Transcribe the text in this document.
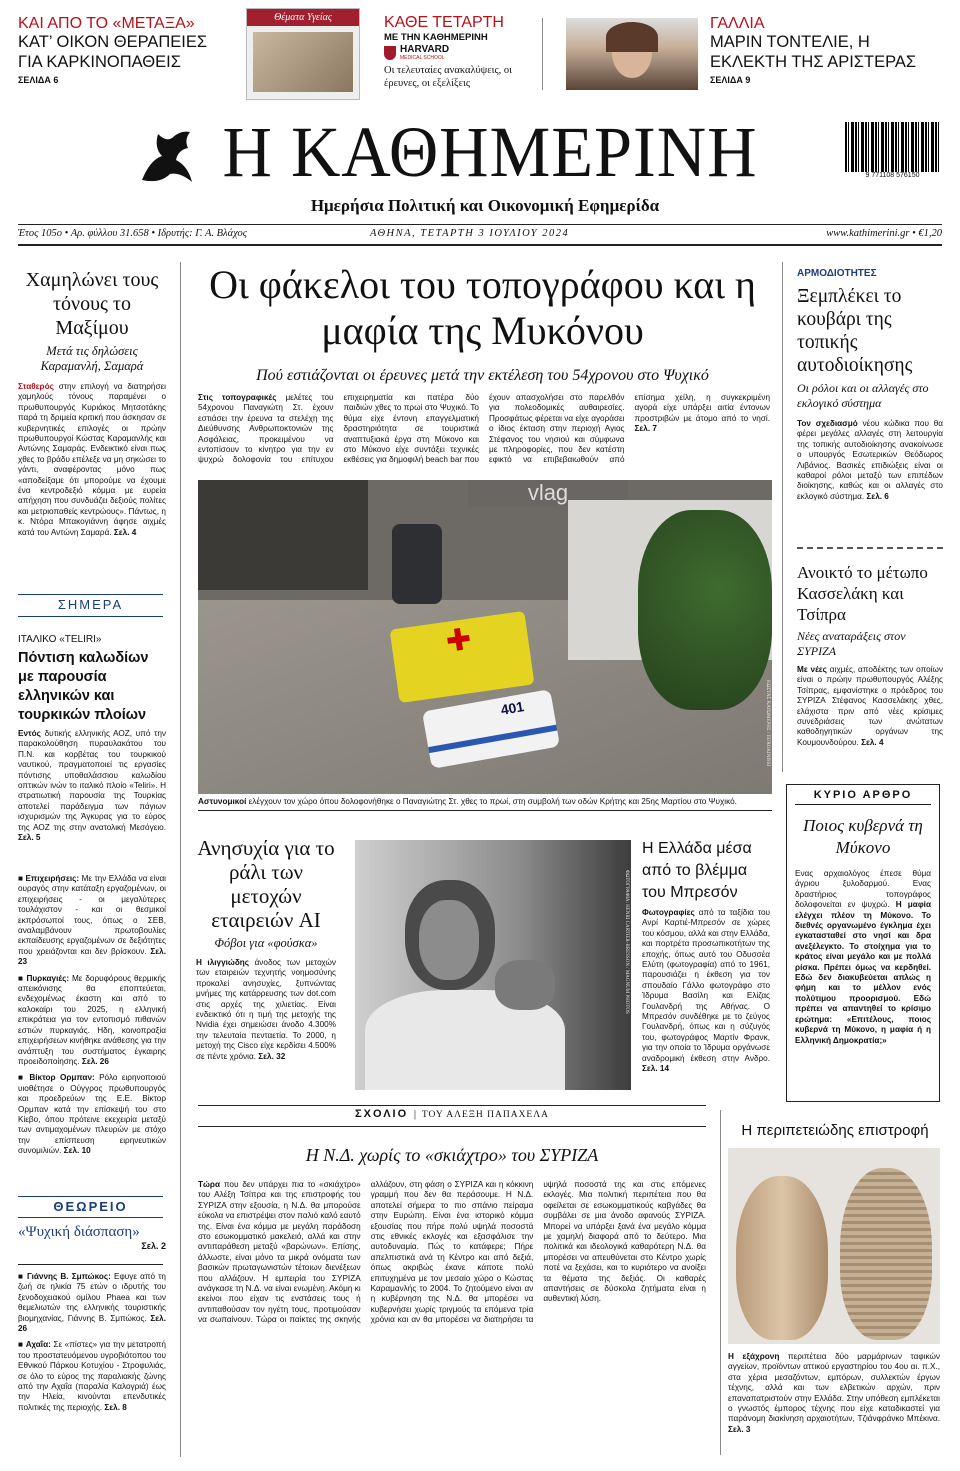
ΚΑΙ ΑΠΟ ΤΟ «ΜΕΤΑΞΑ»
ΚΑΤ’ ΟΙΚΟΝ ΘΕΡΑΠΕΙΕΣ ΓΙΑ ΚΑΡΚΙΝΟΠΑΘΕΙΣ
ΣΕΛΙΔΑ 6
Θέματα Υγείας	ΚΑΘΕ ΤΕΤΑΡΤΗ
ΜΕ ΤΗΝ ΚΑΘΗΜΕΡΙΝΗ
HARVARD
MEDICAL SCHOOL
Οι τελευταίες ανακαλύψεις, οι έρευνες, οι εξελίξεις
ΓΑΛΛΙΑ
ΜΑΡΙΝ ΤΟΝΤΕΛΙΕ, Η ΕΚΛΕΚΤΗ ΤΗΣ ΑΡΙΣΤΕΡΑΣ
ΣΕΛΙΔΑ 9
Η ΚΑΘΗΜΕΡΙΝΗ
Ημερήσια Πολιτική και Οικονομική Εφημερίδα
9 771108 576150
Έτος 105ο • Αρ. φύλλου 31.658 • Ιδρυτής: Γ. Α. Βλάχος	ΑΘΗΝΑ, ΤΕΤΑΡΤΗ 3 ΙΟΥΛΙΟΥ 2024	www.kathimerini.gr • €1,20
Χαμηλώνει τους τόνους το Μαξίμου
Μετά τις δηλώσεις Καραμανλή, Σαμαρά
Σταθερός στην επιλογή να διατηρήσει χαμηλούς τόνους παραμένει ο πρωθυπουργός Κυριάκος Μητσοτάκης παρά τη δριμεία κριτική που άσκησαν σε κυβερνητικές επιλογές οι πρώην πρωθυπουργοί Κώστας Καραμανλής και Αντώνης Σαμαράς. Ενδεικτικό είναι πως χθες το βράδυ επέλεξε να μη σηκώσει το γάντι, αναφέροντας μόνο πως «αποδείξαμε ότι μπορούμε να έχουμε ένα κεντροδεξιό κόμμα με ευρεία απήχηση που συνδυάζει δεξιούς πολίτες και μετριοπαθείς κεντρώους». Πάντως, η κ. Ντόρα Μπακογιάννη άφησε αιχμές κατά του Αντώνη Σαμαρά. Σελ. 4
ΣΗΜΕΡΑ
ΙΤΑΛΙΚΟ «TELIRI»
Πόντιση καλωδίων με παρουσία ελληνικών και τουρκικών πλοίων
Εντός δυτικής ελληνικής ΑΟΖ, υπό την παρακολούθηση πυραυλακάτου του Π.Ν. και κορβέτας του τουρκικού ναυτικού, πραγματοποιεί τις εργασίες πόντισης υποθαλάσσιου καλωδίου οπτικών ινών το ιταλικό πλοίο «Teliri». Η στρατιωτική παρουσία της Τουρκίας αποτελεί παράδειγμα των πάγιων ισχυρισμών της Άγκυρας για το εύρος της ΑΟΖ της στην ανατολική Μεσόγειο. Σελ. 5
■ Επιχειρήσεις: Με την Ελλάδα να είναι ουραγός στην κατάταξη εργαζομένων, οι επιχειρήσεις - οι μεγαλύτερες τουλάχιστον - και οι θεσμικοί εκπρόσωποί τους, όπως ο ΣΕΒ, αναλαμβάνουν πρωτοβουλίες εκπαίδευσης εργαζομένων σε δεξιότητες που χρειάζονται και δεν βρίσκουν. Σελ. 23
■ Πυρκαγιές: Με δορυφόρους θερμικής απεικόνισης θα εποπτεύεται, ενδεχομένως έκαστη και από το καλοκαίρι του 2025, η ελληνική επικράτεια για τον εντοπισμό πιθανών εστιών πυρκαγιάς. Ηδη, κοινοπραξία επιχειρήσεων κινήθηκε ανάθεσης για την ανάπτυξη του συστήματος έγκαιρης προειδοποίησης. Σελ. 26
■ Βίκτορ Ορμπαν: Ρόλο ειρηνοποιού υιοθέτησε ο Ούγγρος πρωθυπουργός και προεδρεύων της Ε.Ε. Βίκτορ Ορμπαν κατά την επίσκεψή του στο Κίεβο, όπου πρότεινε εκεχειρία μεταξύ των αντιμαχομένων πλευρών με στόχο την επίσπευση ειρηνευτικών συνομιλιών. Σελ. 10
ΘΕΩΡΕΙΟ
«Ψυχική διάσπαση»
Σελ. 2
■ Γιάννης Β. Σμπώκος: Εφυγε από τη ζωή σε ηλικία 75 ετών ο ιδρυτής του ξενοδοχειακού ομίλου Phaea και των θεμελιωτών της ελληνικής τουριστικής βιομηχανίας, Γιάννης Β. Σμπώκος. Σελ. 26
■ Αχαΐα: Σε «πίστες» για την μετατροπή του προστατευόμενου υγροβιότοπου του Εθνικού Πάρκου Κοτυχίου - Στροφυλιάς, σε όλο το εύρος της παραλιακής ζώνης από την Αχαΐα (παραλία Καλογριά) έως την Ηλεία, κινούνται επενδυτικές πολιτικές της περιοχής. Σελ. 8
Οι φάκελοι του τοπογράφου και η μαφία της Μυκόνου
Πού εστιάζονται οι έρευνες μετά την εκτέλεση του 54χρονου στο Ψυχικό
Στις τοπογραφικές μελέτες του 54χρονου Παναγιώτη Στ. έχουν εστιάσει την έρευνα τα στελέχη της Διεύθυνσης Ανθρωποκτονιών της Ασφάλειας, προκειμένου να εντοπίσουν το κίνητρο για την εν ψυχρώ δολοφονία του επίτυχου επιχειρηματία και πατέρα δύο παιδιών χθες το πρωί στο Ψυχικό. Το θύμα είχε έντονη επαγγελματική δραστηριότητα σε τουριστικά αναπτυξιακά έργα στη Μύκονο και στο Μύκονο είχε συντάξει τεχνικές εκθέσεις για δημοφιλή beach bar που έχουν απασχολήσει στο παρελθόν για πολεοδομικές αυθαιρεσίες. Προσφάτως φέρεται να είχε αγοράσει ο ίδιος έκταση στην περιοχή Αγιος Στέφανος του νησιού και σύμφωνα με πληροφορίες, που δεν κατέστη εφικτό να επιβεβαιωθούν από επίσημα χείλη, η συγκεκριμένη αγορά είχε υπάρξει αιτία έντονων προστριβών με άτομο από το νησί. Σελ. 7
vlag
401	ΚΩΣΤΑΣ ΚΑΤΩΜΕΡΗΣ / EUROKINISSI
Αστυνομικοί ελέγχουν τον χώρο όπου δολοφονήθηκε ο Παναγιώτης Στ. χθες το πρωί, στη συμβολή των οδών Κρήτης και 25ης Μαρτίου στο Ψυχικό.
Ανησυχία για το ράλι των μετοχών εταιρειών AI
Φόβοι για «φούσκα»
Η ιλιγγιώδης άνοδος των μετοχών των εταιρειών τεχνητής νοημοσύνης προκαλεί ανησυχίες, ξυπνώντας μνήμες της κατάρρευσης των dot.com στις αρχές της χιλιετίας. Είναι ενδεικτικό ότι η τιμή της μετοχής της Nvidia έχει σημειώσει άνοδο 4.300% την τελευταία πενταετία. Το 2000, η μετοχή της Cisco είχε κερδίσει 4.500% σε πέντε χρόνια. Σελ. 32
ΦΩΤΟΓΡΑΦΙΑ: HENRI CARTIER-BRESSON / MAGNUM PHOTOS
Η Ελλάδα μέσα από το βλέμμα του Μπρεσόν
Φωτογραφίες από τα ταξίδια του Ανρί Καρτιέ-Μπρεσόν σε χώρες του κόσμου, αλλά και στην Ελλάδα, και πορτρέτα προσωπικοτήτων της εποχής, όπως αυτό του Οδυσσέα Ελύτη (φωτογραφία) από το 1961, παρουσιάζει η έκθεση για τον σπουδαίο Γάλλο φωτογράφο στο Ίδρυμα Βασίλη και Ελίζας Γουλανδρή της Αθήνας. Ο Μπρεσόν συνδέθηκε με το ζεύγος Γουλανδρή, όπως και η σύζυγός του, φωτογράφος Μαρτίν Φρανκ, για την οποία το Ίδρυμα οργάνωσε αναδρομική έκθεση στην Ανδρο. Σελ. 14
ΣΧΟΛΙΟ | ΤΟΥ ΑΛΕΞΗ ΠΑΠΑΧΕΛΑ
Η Ν.Δ. χωρίς το «σκιάχτρο» του ΣΥΡΙΖΑ
Τώρα που δεν υπάρχει πια το «σκιάχτρο» του Αλέξη Τσίπρα και της επιστροφής του ΣΥΡΙΖΑ στην εξουσία, η Ν.Δ. θα μπορούσε εύκολα να επιστρέψει στον παλιό καλό εαυτό της. Είναι ένα κόμμα με μεγάλη παράδοση στο εσωκομματικό μακελειό, αλλά και στην αντιπαράθεση μεταξύ «βαρώνων». Επίσης, άλλωστε, είναι μόνο τα μικρά ονόματα των βασικών πρωταγωνιστών τέτοιων διενέξεων που αλλάζουν. Η εμπειρία του ΣΥΡΙΖΑ ανάγκασε τη Ν.Δ. να είναι ενωμένη. Ακόμη κι εκείνοι που είχαν τις ενστάσεις τους ή αντιπαθούσαν τον ηγέτη τους, προτιμούσαν να σωπαίνουν. Τώρα οι παίκτες της σκηνής αλλάζουν, στη φάση ο ΣΥΡΙΖΑ και η κόκκινη γραμμή που δεν θα περάσουμε. Η Ν.Δ. αποτελεί σήμερα το πιο σπάνιο πείραμα στην Ευρώπη. Είναι ένα ιστορικό κόμμα εξουσίας που πήρε πολύ υψηλά ποσοστά στις εθνικές εκλογές και εξασφάλισε την αυτοδυναμία. Πώς το κατάφερε; Πήρε απελπιστικά ανά τη Κέντρο και από δεξιά, όπως ακριβώς έκανε κάποτε πολύ επιτυχημένα με τον μεσαίο χώρο ο Κώστας Καραμανλής το 2004. Το ζητούμενο είναι αν η κυβέρνηση της Ν.Δ. θα μπορέσει να κυβερνήσει χωρίς τριγμούς τα επόμενα τρία χρόνια και αν θα μπορέσει να διατηρήσει τα υψηλά ποσοστά της και στις επόμενες εκλογές. Μια πολιτική περιπέτεια που θα οφείλεται σε εσωκομματικούς καβγάδες θα συμβάλει σε μια άνοδο αφανούς ΣΥΡΙΖΑ. Μπορεί να υπάρξει ξανά ένα μεγάλο κόμμα με χαμηλή διαφορά από το δεύτερο. Μια πολιτικά και ιδεολογικά καθαρότερη Ν.Δ. θα μπορέσει να απευθύνεται στο Κέντρο χωρίς ποτέ να ξεχάσει, και το κυριότερο να ανοίξει τα θέματα της δεξιάς. Οι καθαρές απαντήσεις σε δύσκολα ζητήματα είναι η αυθεντική λύση.
ΑΡΜΟΔΙΟΤΗΤΕΣ
Ξεμπλέκει το κουβάρι της τοπικής αυτοδιοίκησης
Οι ρόλοι και οι αλλαγές στο εκλογικό σύστημα
Τον σχεδιασμό νέου κώδικα που θα φέρει μεγάλες αλλαγές στη λειτουργία της τοπικής αυτοδιοίκησης ανακοίνωσε ο υπουργός Εσωτερικών Θεόδωρος Λιβάνιος. Βασικές επιδιώξεις είναι οι καθαροί ρόλοι μεταξύ των επιπέδων διοίκησης, καθώς και οι αλλαγές στο εκλογικό σύστημα. Σελ. 6
Ανοικτό το μέτωπο Κασσελάκη και Τσίπρα
Νέες αναταράξεις στον ΣΥΡΙΖΑ
Με νέες αιχμές, αποδέκτης των οποίων είναι ο πρώην πρωθυπουργός Αλέξης Τσίπρας, εμφανίστηκε ο πρόεδρος του ΣΥΡΙΖΑ Στέφανος Κασσελάκης χθες, ελάχιστα πριν από νέες κρίσιμες συνεδριάσεις των ανώτατων καθοδηγητικών οργάνων της Κουμουνδούρου. Σελ. 4
ΚΥΡΙΟ ΑΡΘΡΟ
Ποιος κυβερνά τη Μύκονο
Ενας αρχαιολόγος έπεσε θύμα άγριου ξυλοδαρμού. Ενας δραστήριος τοπογράφος δολοφονείται εν ψυχρώ. Η μαφία ελέγχει πλέον τη Μύκονο. Το διεθνές οργανωμένο έγκλημα έχει εγκατασταθεί στο νησί και δρα ανεξέλεγκτο. Το στοίχημα για το κράτος είναι μεγάλο και με πολλά ρίσκα. Πρέπει όμως να κερδηθεί. Εδώ δεν διακυβεύεται απλώς η φήμη και το μέλλον ενός πολύτιμου προορισμού. Εδώ πρέπει να απαντηθεί το κρίσιμο ερώτημα: «Επιτέλους, ποιος κυβερνά τη Μύκονο, η μαφία ή η Ελληνική Δημοκρατία;»
Η περιπετειώδης επιστροφή
Η εξάχρονη περιπέτεια δύο μαρμάρινων ταφικών αγγείων, προϊόντων αττικού εργαστηρίου του 4ου αι. π.Χ., στα χέρια μεσαζόντων, εμπόρων, συλλεκτών έργων τέχνης, αλλά και των ελβετικών αρχών, πριν επαναπατριστούν στην Ελλάδα. Στην υπόθεση εμπλέκεται ο γνωστός έμπορος τέχνης που είχε καταδικαστεί για παράνομη διακίνηση αρχαιοτήτων, Τζιάνφράνκο Μπέκινα. Σελ. 3
